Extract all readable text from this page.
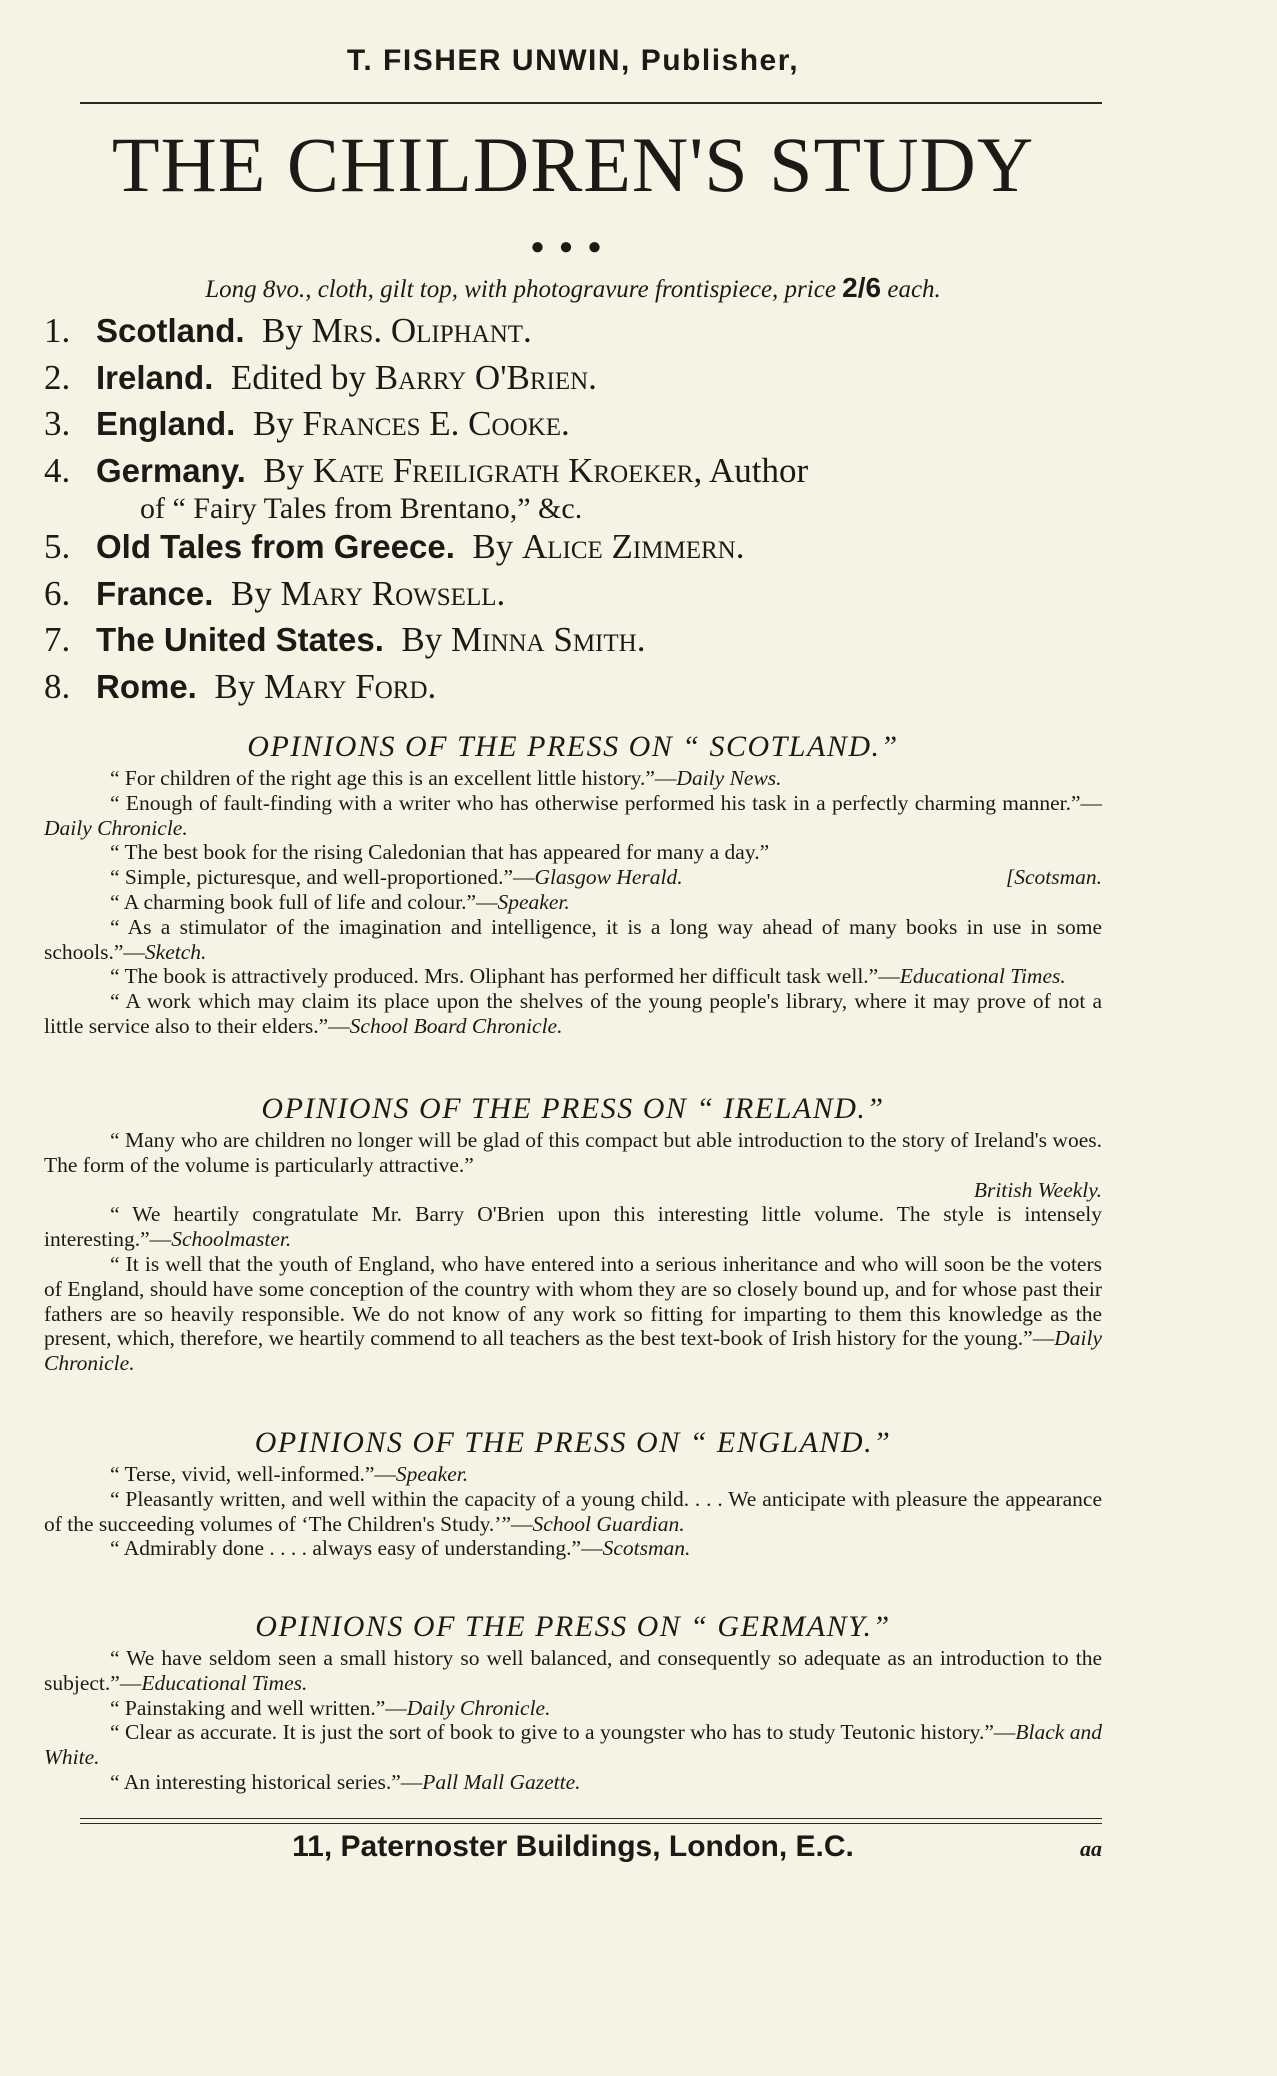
T. FISHER UNWIN, Publisher,
THE CHILDREN'S STUDY
●●●
Long 8vo., cloth, gilt top, with photogravure frontispiece, price 2/6 each.
1. Scotland. By Mrs. Oliphant.
2. Ireland. Edited by Barry O'Brien.
3. England. By Frances E. Cooke.
4. Germany. By Kate Freiligrath Kroeker, Author
of “ Fairy Tales from Brentano,” &c.
5. Old Tales from Greece. By Alice Zimmern.
6. France. By Mary Rowsell.
7. The United States. By Minna Smith.
8. Rome. By Mary Ford.
OPINIONS OF THE PRESS ON “ SCOTLAND.”

“ For children of the right age this is an excellent little history.”—Daily News.

“ Enough of fault-finding with a writer who has otherwise performed his task in a perfectly charming manner.”—Daily Chronicle.

“ The best book for the rising Caledonian that has appeared for many a day.”

[Scotsman.
“ Simple, picturesque, and well-proportioned.”—Glasgow Herald.

“ A charming book full of life and colour.”—Speaker.

“ As a stimulator of the imagination and intelligence, it is a long way ahead of many books in use in some schools.”—Sketch.

“ The book is attractively produced. Mrs. Oliphant has performed her difficult task well.”—Educational Times.

“ A work which may claim its place upon the shelves of the young people's library, where it may prove of not a little service also to their elders.”—School Board Chronicle.

OPINIONS OF THE PRESS ON “ IRELAND.”

“ Many who are children no longer will be glad of this compact but able introduction to the story of Ireland's woes. The form of the volume is particularly attractive.”

British Weekly.

“ We heartily congratulate Mr. Barry O'Brien upon this interesting little volume. The style is intensely interesting.”—Schoolmaster.

“ It is well that the youth of England, who have entered into a serious inheritance and who will soon be the voters of England, should have some conception of the country with whom they are so closely bound up, and for whose past their fathers are so heavily responsible. We do not know of any work so fitting for imparting to them this knowledge as the present, which, therefore, we heartily commend to all teachers as the best text-book of Irish history for the young.”—Daily Chronicle.

OPINIONS OF THE PRESS ON “ ENGLAND.”

“ Terse, vivid, well-informed.”—Speaker.

“ Pleasantly written, and well within the capacity of a young child. . . . We anticipate with pleasure the appearance of the succeeding volumes of ‘The Children's Study.’”—School Guardian.

“ Admirably done . . . . always easy of understanding.”—Scotsman.

OPINIONS OF THE PRESS ON “ GERMANY.”

“ We have seldom seen a small history so well balanced, and consequently so adequate as an introduction to the subject.”—Educational Times.

“ Painstaking and well written.”—Daily Chronicle.

“ Clear as accurate. It is just the sort of book to give to a youngster who has to study Teutonic history.”—Black and White.

“ An interesting historical series.”—Pall Mall Gazette.

11, Paternoster Buildings, London, E.C.	aa
